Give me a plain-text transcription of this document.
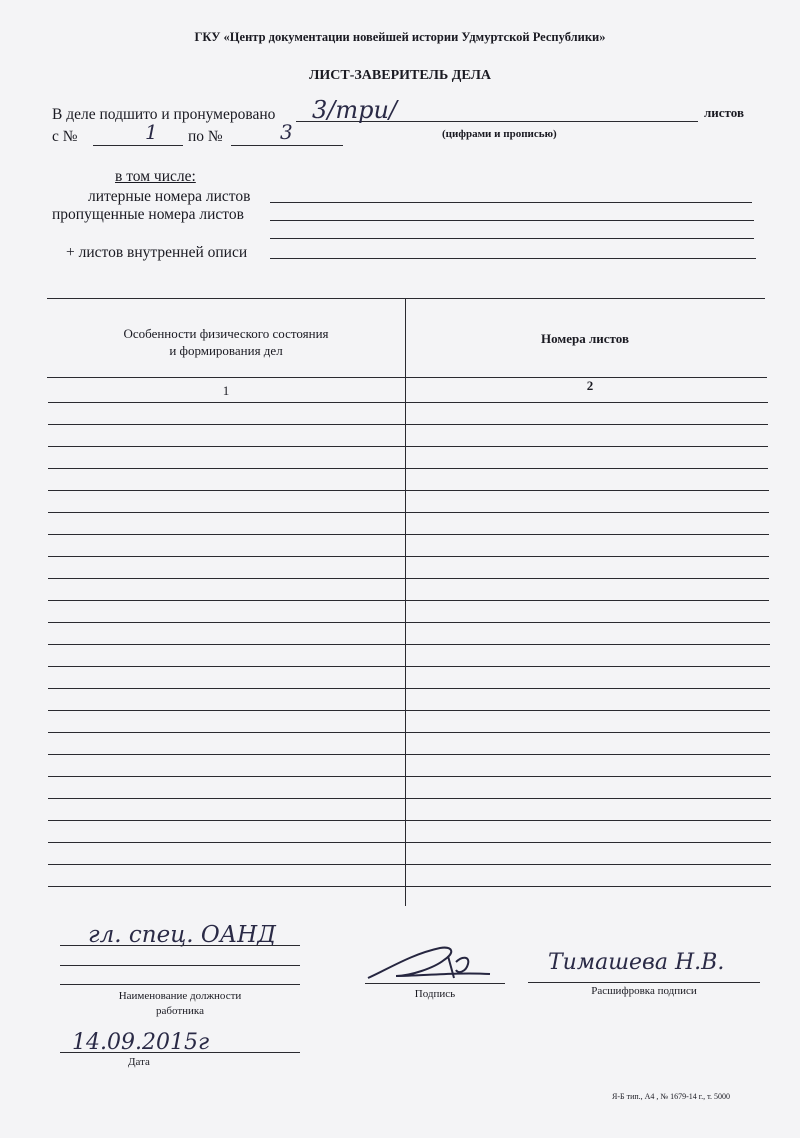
ГКУ «Центр документации новейшей истории Удмуртской Республики»
ЛИСТ-ЗАВЕРИТЕЛЬ ДЕЛА
В деле подшито и пронумеровано 3/три/	листов
с №	1 по №	3	(цифрами и прописью)
в том числе:
литерные номера листов
пропущенные номера листов
+ листов внутренней описи
Особенности физического состояния
и формирования дел
Номера листов
1	2
гл. спец. ОАНД
Наименование должности
работника
Подпись
Тимашева Н.В.
Расшифровка подписи
14.09.2015г
Дата
Я-Б тип., А4 , № 1679-14 г., т. 5000
